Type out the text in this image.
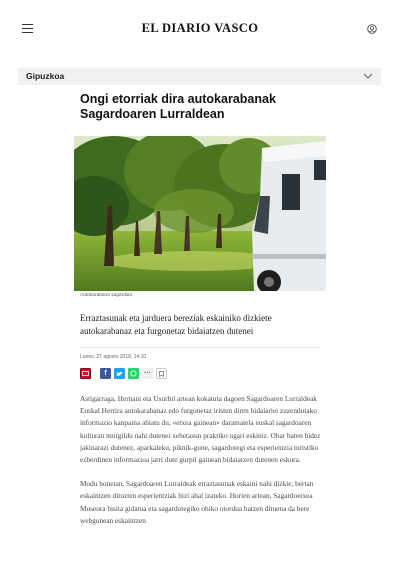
EL DIARIO VASCO
Gipuzkoa
Ongi etorriak dira autokarabanak Sagardoaren Lurraldean
Autokarabana sagardian.
Erraztasunak eta jarduera bereziak eskainiko dizkiete autokarabanaz eta furgonetaz bidaiatzen dutenei
Lunes, 27 agosto 2018, 14:10
f	···

Astigarraga, Hernani eta Usurbil artean kokatuta dagoen Sagardoaren Lurraldeak Euskal Herrira autokarabanaz edo furgonetaz iristen diren bidaiariei zuzendutako informazio kanpaina abiatu du, «etxea gainean» daramatela euskal sagardoaren kulturan murgildu nahi dutenei xehetasun praktiko ugari eskiniz. Ohar baten bidez jakinarazi dutenez, aparkaleku, piknik-gune, sagardotegi eta esperientzia turistiko ezberdinen informazioa jarri dute gurpil gainean bidaiatzen dutenen eskura.

Modu honetan, Sagardoaren Lurraldeak erraztasunak eskaini nahi dizkie, bertan eskaintzen dituzten esperientziak bizi ahal izateko. Horien artean, Sagardoetxea Museora bisita gidatua eta sagardotegiko ohiko otordua batzen dituena da bere webgunean eskaintzen
